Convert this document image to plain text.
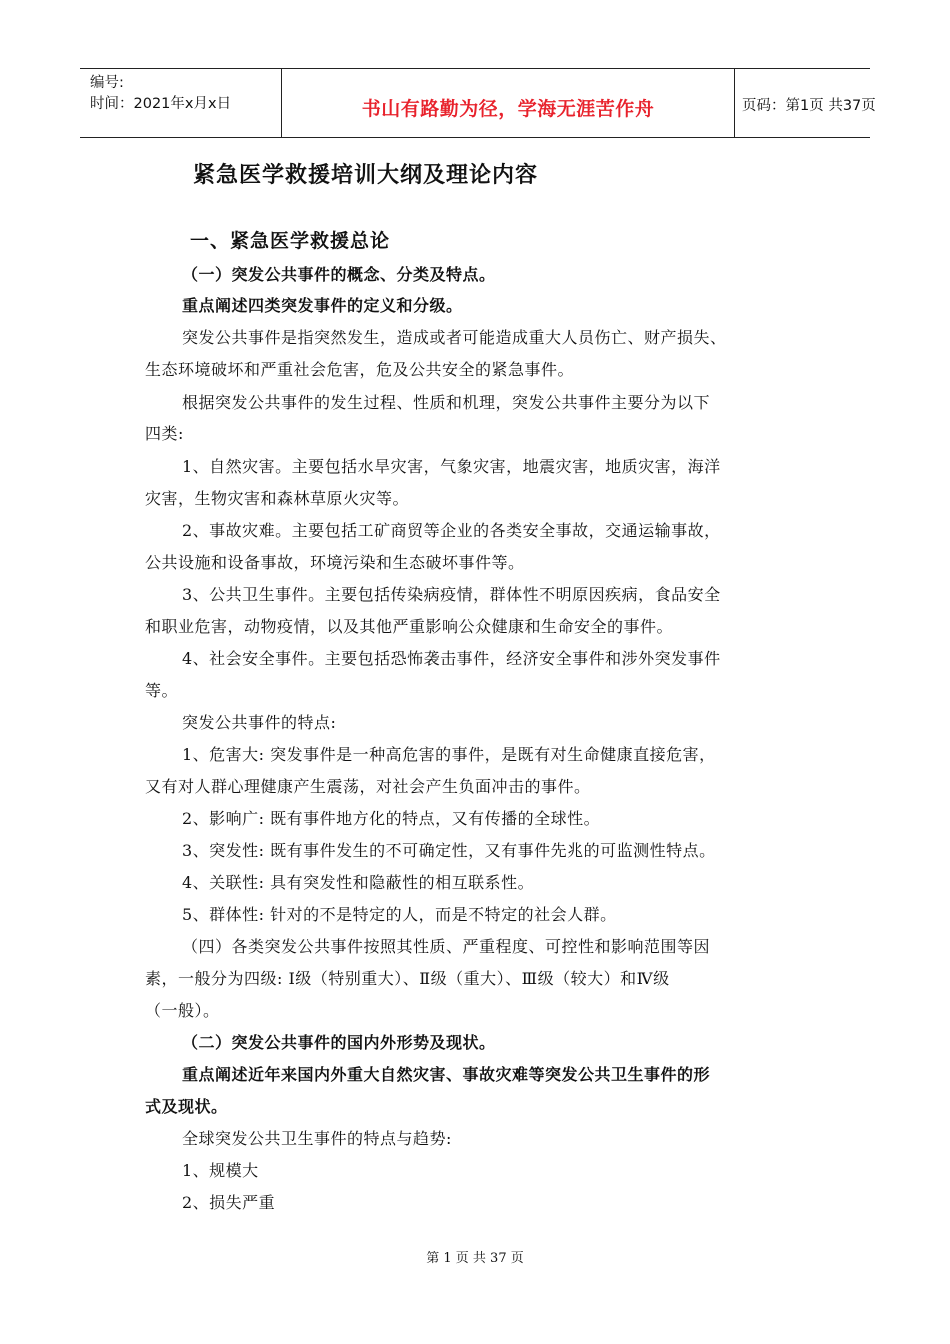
编号:
时间：2021年x月x日	书山有路勤为径，学海无涯苦作舟	页码：第1页 共37页
紧急医学救援培训大纲及理论内容
一、紧急医学救援总论
（一）突发公共事件的概念、分类及特点。
重点阐述四类突发事件的定义和分级。
突发公共事件是指突然发生，造成或者可能造成重大人员伤亡、财产损失、
生态环境破坏和严重社会危害，危及公共安全的紧急事件。
根据突发公共事件的发生过程、性质和机理，突发公共事件主要分为以下
四类:
1、自然灾害。主要包括水旱灾害，气象灾害，地震灾害，地质灾害，海洋
灾害，生物灾害和森林草原火灾等。
2、事故灾难。主要包括工矿商贸等企业的各类安全事故，交通运输事故，
公共设施和设备事故，环境污染和生态破坏事件等。
3、公共卫生事件。主要包括传染病疫情，群体性不明原因疾病，食品安全
和职业危害，动物疫情，以及其他严重影响公众健康和生命安全的事件。
4、社会安全事件。主要包括恐怖袭击事件，经济安全事件和涉外突发事件
等。
突发公共事件的特点:
1、危害大: 突发事件是一种高危害的事件，是既有对生命健康直接危害，
又有对人群心理健康产生震荡，对社会产生负面冲击的事件。
2、影响广: 既有事件地方化的特点，又有传播的全球性。
3、突发性: 既有事件发生的不可确定性，又有事件先兆的可监测性特点。
4、关联性: 具有突发性和隐蔽性的相互联系性。
5、群体性: 针对的不是特定的人，而是不特定的社会人群。
（四）各类突发公共事件按照其性质、严重程度、可控性和影响范围等因
素，一般分为四级: Ⅰ级（特别重大）、Ⅱ级（重大）、Ⅲ级（较大）和Ⅳ级
（一般）。
（二）突发公共事件的国内外形势及现状。
重点阐述近年来国内外重大自然灾害、事故灾难等突发公共卫生事件的形
式及现状。
全球突发公共卫生事件的特点与趋势:
1、规模大
2、损失严重
第 1 页 共 37 页
